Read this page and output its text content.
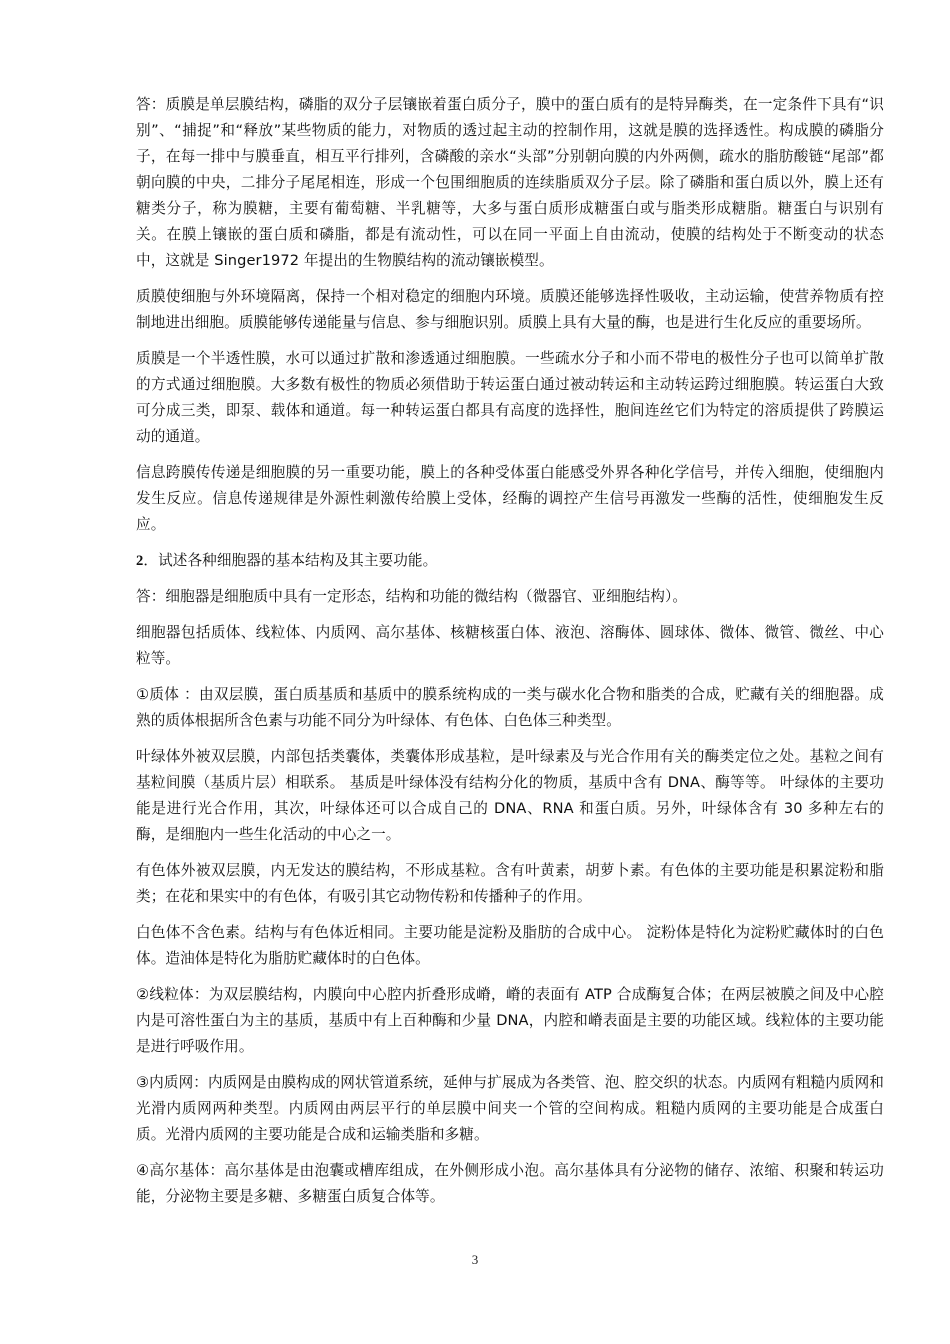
答：质膜是单层膜结构，磷脂的双分子层镶嵌着蛋白质分子，膜中的蛋白质有的是特异酶类，在一定条件下具有“识别”、“捕捉”和“释放”某些物质的能力，对物质的透过起主动的控制作用，这就是膜的选择透性。构成膜的磷脂分子，在每一排中与膜垂直，相互平行排列，含磷酸的亲水“头部”分别朝向膜的内外两侧，疏水的脂肪酸链“尾部”都朝向膜的中央，二排分子尾尾相连，形成一个包围细胞质的连续脂质双分子层。除了磷脂和蛋白质以外，膜上还有糖类分子，称为膜糖，主要有葡萄糖、半乳糖等，大多与蛋白质形成糖蛋白或与脂类形成糖脂。糖蛋白与识别有关。在膜上镶嵌的蛋白质和磷脂，都是有流动性，可以在同一平面上自由流动，使膜的结构处于不断变动的状态中，这就是 Singer1972 年提出的生物膜结构的流动镶嵌模型。

质膜使细胞与外环境隔离，保持一个相对稳定的细胞内环境。质膜还能够选择性吸收，主动运输，使营养物质有控制地进出细胞。质膜能够传递能量与信息、参与细胞识别。质膜上具有大量的酶，也是进行生化反应的重要场所。

质膜是一个半透性膜，水可以通过扩散和渗透通过细胞膜。一些疏水分子和小而不带电的极性分子也可以简单扩散的方式通过细胞膜。大多数有极性的物质必须借助于转运蛋白通过被动转运和主动转运跨过细胞膜。转运蛋白大致可分成三类，即泵、载体和通道。每一种转运蛋白都具有高度的选择性，胞间连丝它们为特定的溶质提供了跨膜运动的通道。

信息跨膜传传递是细胞膜的另一重要功能，膜上的各种受体蛋白能感受外界各种化学信号，并传入细胞，使细胞内发生反应。信息传递规律是外源性刺激传给膜上受体，经酶的调控产生信号再激发一些酶的活性，使细胞发生反应。

2．试述各种细胞器的基本结构及其主要功能。

答：细胞器是细胞质中具有一定形态，结构和功能的微结构（微器官、亚细胞结构）。

细胞器包括质体、线粒体、内质网、高尔基体、核糖核蛋白体、液泡、溶酶体、圆球体、微体、微管、微丝、中心粒等。

①质体 ：由双层膜，蛋白质基质和基质中的膜系统构成的一类与碳水化合物和脂类的合成，贮藏有关的细胞器。成熟的质体根据所含色素与功能不同分为叶绿体、有色体、白色体三种类型。

叶绿体外被双层膜，内部包括类囊体，类囊体形成基粒，是叶绿素及与光合作用有关的酶类定位之处。基粒之间有基粒间膜（基质片层）相联系。 基质是叶绿体没有结构分化的物质，基质中含有 DNA、酶等等。 叶绿体的主要功能是进行光合作用，其次，叶绿体还可以合成自己的 DNA、RNA 和蛋白质。另外，叶绿体含有 30 多种左右的酶，是细胞内一些生化活动的中心之一。

有色体外被双层膜，内无发达的膜结构，不形成基粒。含有叶黄素，胡萝卜素。有色体的主要功能是积累淀粉和脂类；在花和果实中的有色体，有吸引其它动物传粉和传播种子的作用。

白色体不含色素。结构与有色体近相同。主要功能是淀粉及脂肪的合成中心。 淀粉体是特化为淀粉贮藏体时的白色体。造油体是特化为脂肪贮藏体时的白色体。

②线粒体：为双层膜结构，内膜向中心腔内折叠形成嵴，嵴的表面有 ATP 合成酶复合体；在两层被膜之间及中心腔内是可溶性蛋白为主的基质，基质中有上百种酶和少量 DNA，内腔和嵴表面是主要的功能区域。线粒体的主要功能是进行呼吸作用。

③内质网：内质网是由膜构成的网状管道系统，延伸与扩展成为各类管、泡、腔交织的状态。内质网有粗糙内质网和光滑内质网两种类型。内质网由两层平行的单层膜中间夹一个管的空间构成。粗糙内质网的主要功能是合成蛋白质。光滑内质网的主要功能是合成和运输类脂和多糖。

④高尔基体：高尔基体是由泡囊或槽库组成，在外侧形成小泡。高尔基体具有分泌物的储存、浓缩、积聚和转运功能，分泌物主要是多糖、多糖蛋白质复合体等。

3
